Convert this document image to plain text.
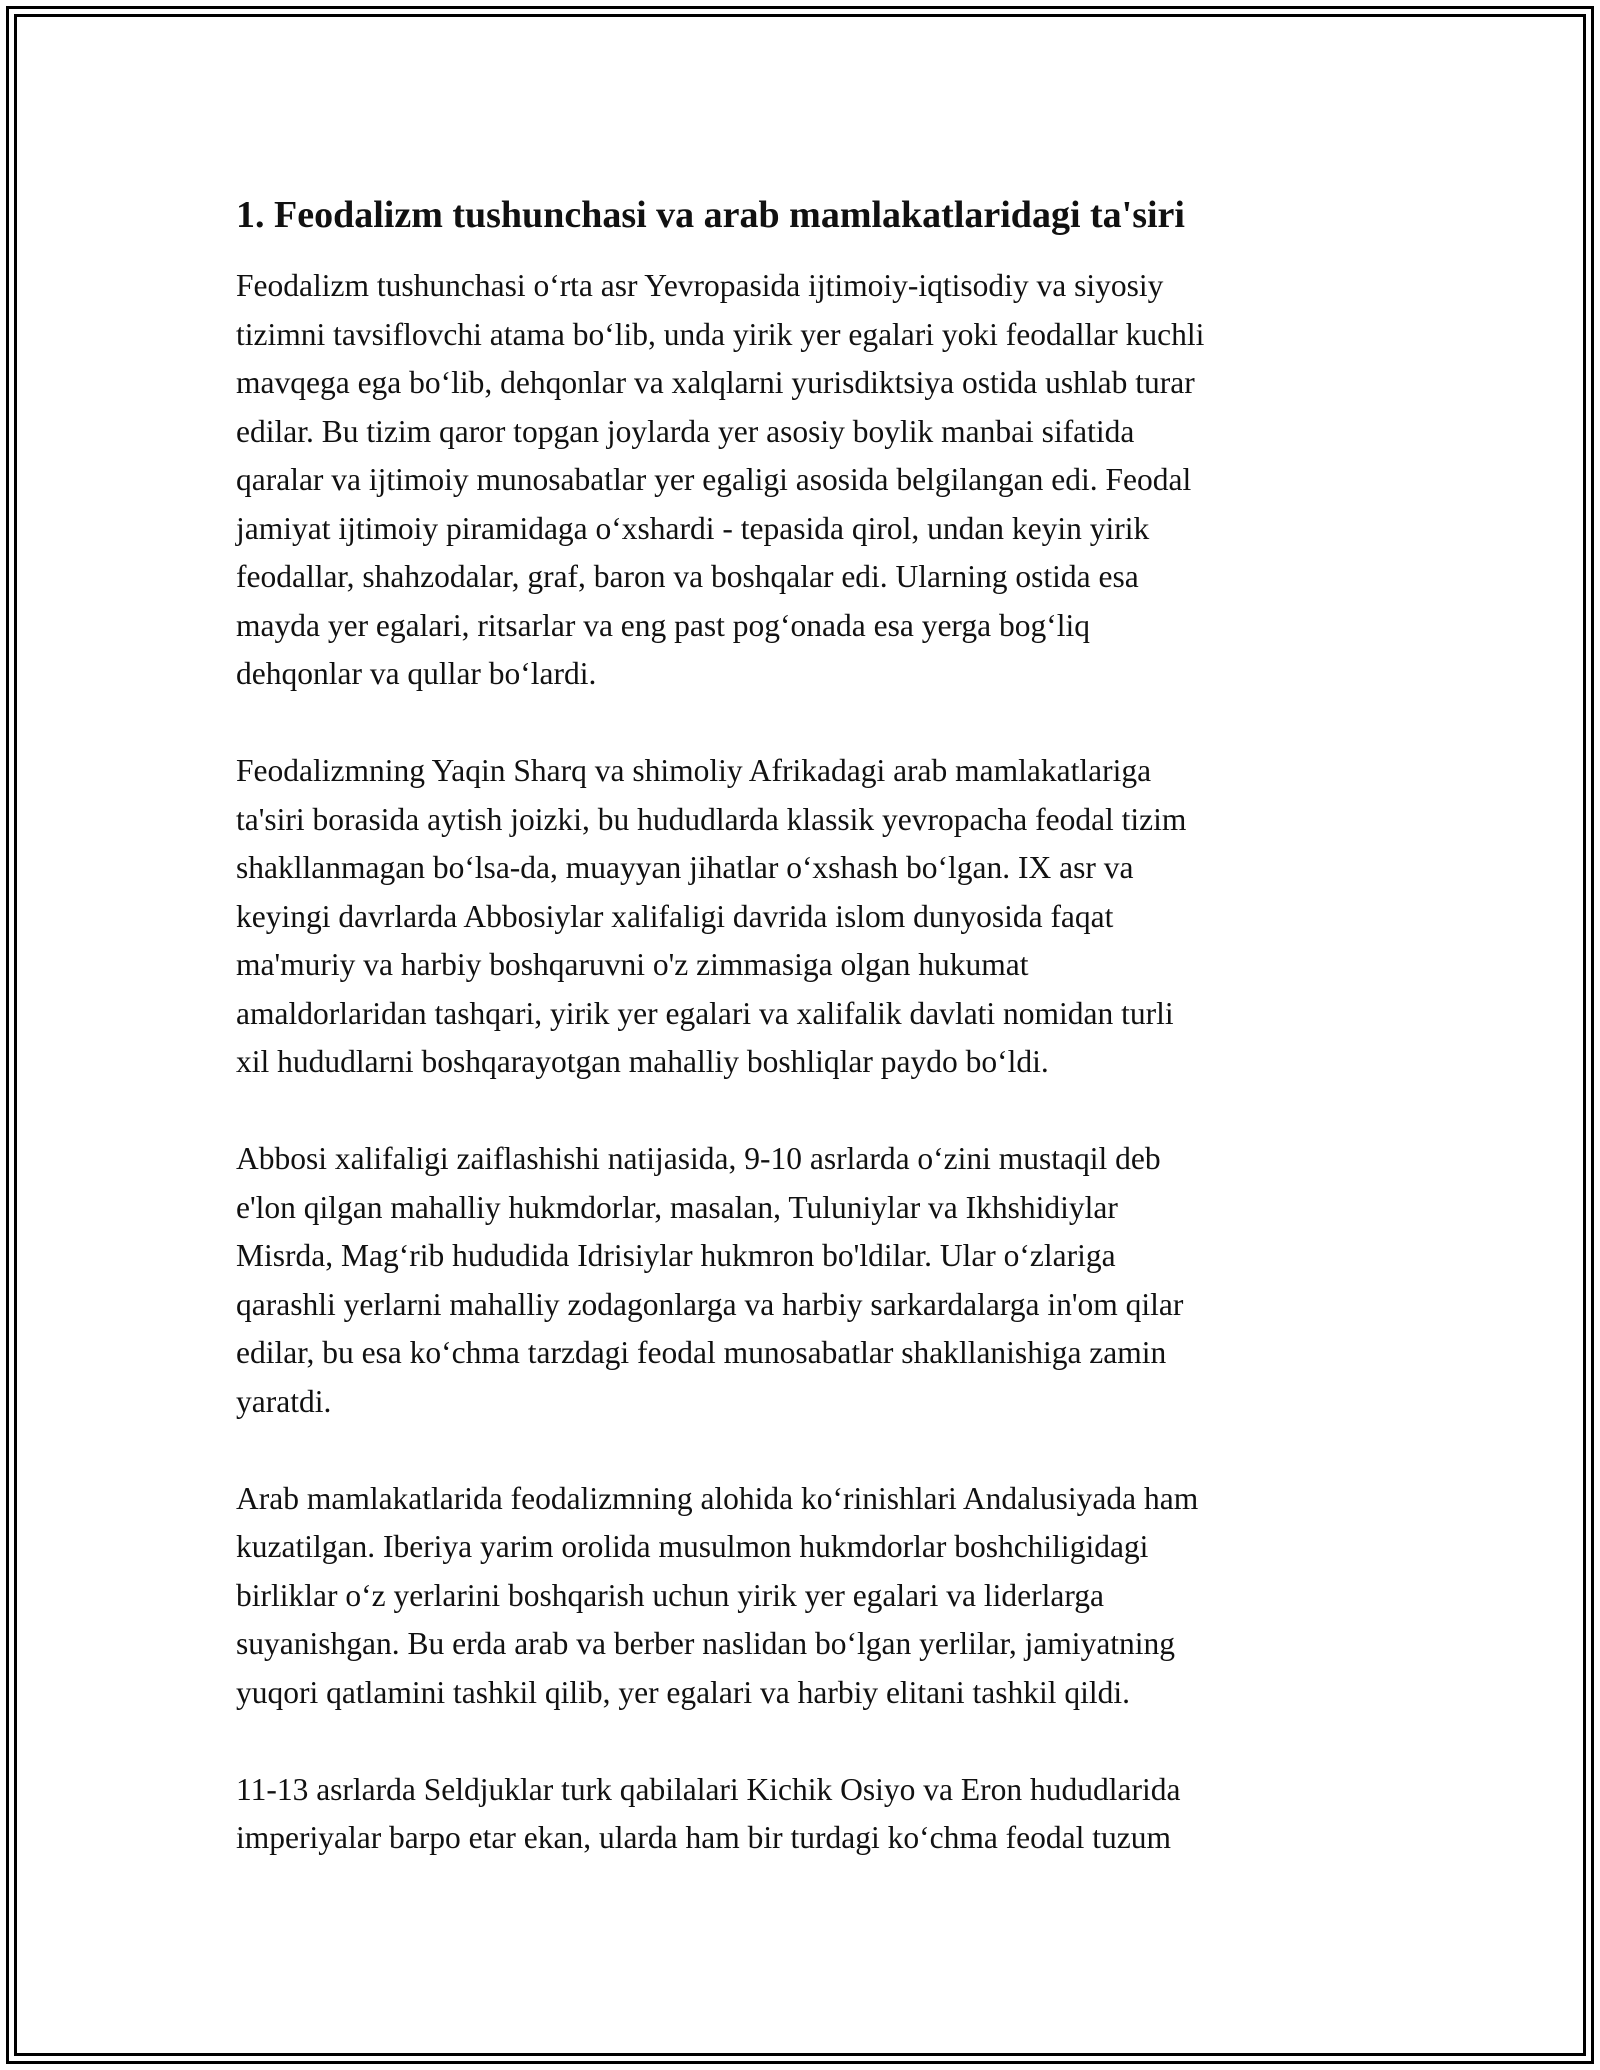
1. Feodalizm tushunchasi va arab mamlakatlaridagi ta'siri
Feodalizm tushunchasi o‘rta asr Yevropasida ijtimoiy-iqtisodiy va siyosiy
tizimni tavsiflovchi atama bo‘lib, unda yirik yer egalari yoki feodallar kuchli
mavqega ega bo‘lib, dehqonlar va xalqlarni yurisdiktsiya ostida ushlab turar
edilar. Bu tizim qaror topgan joylarda yer asosiy boylik manbai sifatida
qaralar va ijtimoiy munosabatlar yer egaligi asosida belgilangan edi. Feodal
jamiyat ijtimoiy piramidaga o‘xshardi - tepasida qirol, undan keyin yirik
feodallar, shahzodalar, graf, baron va boshqalar edi. Ularning ostida esa
mayda yer egalari, ritsarlar va eng past pog‘onada esa yerga bog‘liq
dehqonlar va qullar bo‘lardi.
Feodalizmning Yaqin Sharq va shimoliy Afrikadagi arab mamlakatlariga
ta'siri borasida aytish joizki, bu hududlarda klassik yevropacha feodal tizim
shakllanmagan bo‘lsa-da, muayyan jihatlar o‘xshash bo‘lgan. IX asr va
keyingi davrlarda Abbosiylar xalifaligi davrida islom dunyosida faqat
ma'muriy va harbiy boshqaruvni o'z zimmasiga olgan hukumat
amaldorlaridan tashqari, yirik yer egalari va xalifalik davlati nomidan turli
xil hududlarni boshqarayotgan mahalliy boshliqlar paydo bo‘ldi.
Abbosi xalifaligi zaiflashishi natijasida, 9-10 asrlarda o‘zini mustaqil deb
e'lon qilgan mahalliy hukmdorlar, masalan, Tuluniylar va Ikhshidiylar
Misrda, Mag‘rib hududida Idrisiylar hukmron bo'ldilar. Ular o‘zlariga
qarashli yerlarni mahalliy zodagonlarga va harbiy sarkardalarga in'om qilar
edilar, bu esa ko‘chma tarzdagi feodal munosabatlar shakllanishiga zamin
yaratdi.
Arab mamlakatlarida feodalizmning alohida ko‘rinishlari Andalusiyada ham
kuzatilgan. Iberiya yarim orolida musulmon hukmdorlar boshchiligidagi
birliklar o‘z yerlarini boshqarish uchun yirik yer egalari va liderlarga
suyanishgan. Bu erda arab va berber naslidan bo‘lgan yerlilar, jamiyatning
yuqori qatlamini tashkil qilib, yer egalari va harbiy elitani tashkil qildi.
11-13 asrlarda Seldjuklar turk qabilalari Kichik Osiyo va Eron hududlarida
imperiyalar barpo etar ekan, ularda ham bir turdagi ko‘chma feodal tuzum
